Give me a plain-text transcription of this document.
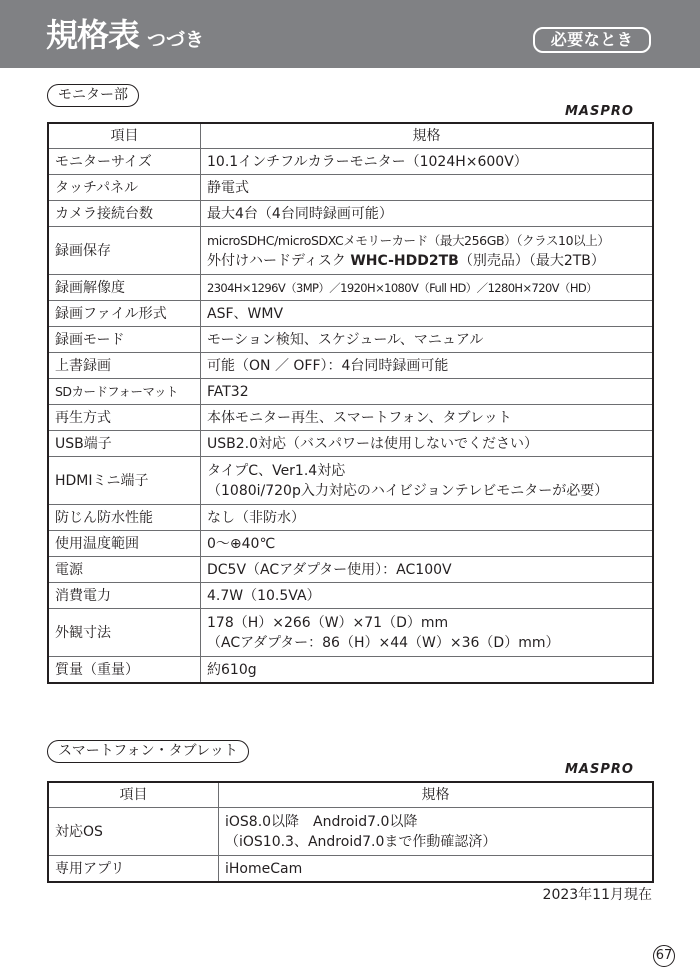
規格表 つづき	必要なとき
モニター部
MASPRO
項目	規格
モニターサイズ	10.1インチフルカラーモニター（1024H×600V）
タッチパネル	静電式
カメラ接続台数	最大4台（4台同時録画可能）
録画保存	microSDHC/microSDXCメモリーカード（最大256GB）（クラス10以上）
外付けハードディスク WHC-HDD2TB（別売品）（最大2TB）

録画解像度	2304H×1296V（3MP）／1920H×1080V（Full HD）／1280H×720V（HD）
録画ファイル形式	ASF、WMV
録画モード	モーション検知、スケジュール、マニュアル
上書録画	可能（ON ／ OFF）：4台同時録画可能
SDカードフォーマット	FAT32
再生方式	本体モニター再生、スマートフォン、タブレット
USB端子	USB2.0対応（バスパワーは使用しないでください）
HDMIミニ端子	タイプC、Ver1.4対応
（1080i/720p入力対応のハイビジョンテレビモニターが必要）

防じん防水性能	なし（非防水）
使用温度範囲	0～⊕40℃
電源	DC5V（ACアダプター使用）：AC100V
消費電力	4.7W（10.5VA）
外観寸法	178（H）×266（W）×71（D）mm
（ACアダプター：86（H）×44（W）×36（D）mm）

質量（重量）	約610g
スマートフォン・タブレット
MASPRO
項目	規格
対応OS	iOS8.0以降　Android7.0以降
（iOS10.3、Android7.0まで作動確認済）

専用アプリ	iHomeCam
2023年11月現在
67
